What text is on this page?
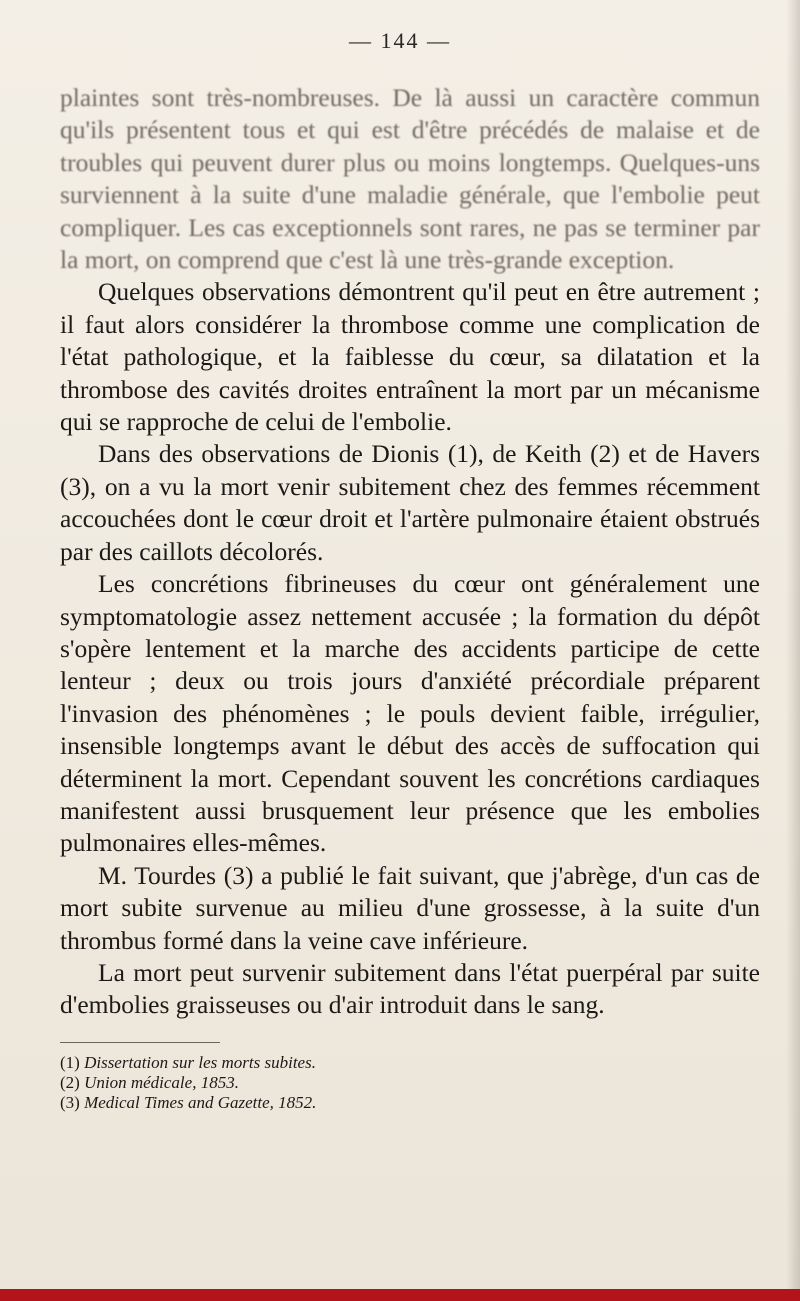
— 144 —

plaintes sont très-nombreuses. De là aussi un caractère commun qu'ils présentent tous et qui est d'être précédés de malaise et de troubles qui peuvent durer plus ou moins longtemps. Quelques-uns surviennent à la suite d'une maladie générale, que l'embolie peut compliquer. Les cas exceptionnels sont rares, ne pas se terminer par la mort, on comprend que c'est là une très-grande exception.

Quelques observations démontrent qu'il peut en être autrement ; il faut alors considérer la thrombose comme une complication de l'état pathologique, et la faiblesse du cœur, sa dilatation et la thrombose des cavités droites entraînent la mort par un mécanisme qui se rapproche de celui de l'embolie.

Dans des observations de Dionis (1), de Keith (2) et de Havers (3), on a vu la mort venir subitement chez des femmes récemment accouchées dont le cœur droit et l'artère pulmonaire étaient obstrués par des caillots décolorés.

Les concrétions fibrineuses du cœur ont généralement une symptomatologie assez nettement accusée ; la formation du dépôt s'opère lentement et la marche des accidents participe de cette lenteur ; deux ou trois jours d'anxiété précordiale préparent l'invasion des phénomènes ; le pouls devient faible, irrégulier, insensible longtemps avant le début des accès de suffocation qui déterminent la mort. Cependant souvent les concrétions cardiaques manifestent aussi brusquement leur présence que les embolies pulmonaires elles-mêmes.

M. Tourdes (3) a publié le fait suivant, que j'abrège, d'un cas de mort subite survenue au milieu d'une grossesse, à la suite d'un thrombus formé dans la veine cave inférieure.

La mort peut survenir subitement dans l'état puerpéral par suite d'embolies graisseuses ou d'air introduit dans le sang.

(1) Dissertation sur les morts subites.

(2) Union médicale, 1853.

(3) Medical Times and Gazette, 1852.
